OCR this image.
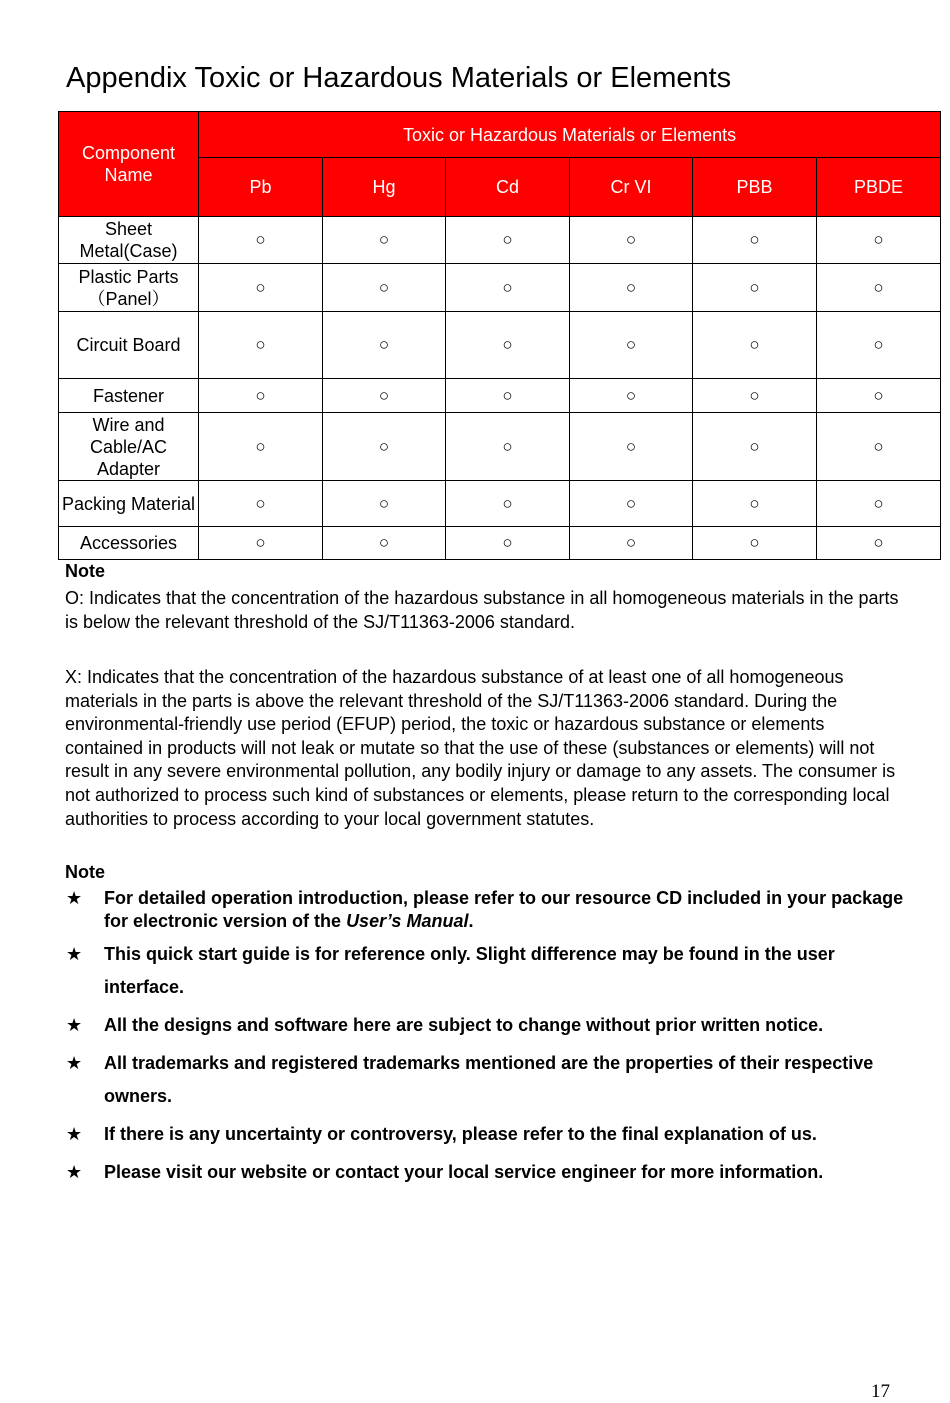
Appendix Toxic or Hazardous Materials or Elements
Component Name	Toxic or Hazardous Materials or Elements					
	Pb	Hg	Cd	Cr VI	PBB	PBDE
Sheet Metal(Case)	○	○	○	○	○	○
Plastic Parts（Panel）	○	○	○	○	○	○
Circuit Board	○	○	○	○	○	○
Fastener	○	○	○	○	○	○
Wire and Cable/AC Adapter	○	○	○	○	○	○
Packing Material	○	○	○	○	○	○
Accessories	○	○	○	○	○	○

Note

O: Indicates that the concentration of the hazardous substance in all homogeneous materials in the parts is below the relevant threshold of the SJ/T11363-2006 standard.

X: Indicates that the concentration of the hazardous substance of at least one of all homogeneous materials in the parts is above the relevant threshold of the SJ/T11363-2006 standard. During the environmental-friendly use period (EFUP) period, the toxic or hazardous substance or elements contained in products will not leak or mutate so that the use of these (substances or elements) will not result in any severe environmental pollution, any bodily injury or damage to any assets. The consumer is not authorized to process such kind of substances or elements, please return to the corresponding local authorities to process according to your local government statutes.

Note

★ For detailed operation introduction, please refer to our resource CD included in your package for electronic version of the User’s Manual.
★ This quick start guide is for reference only. Slight difference may be found in the user interface.
★ All the designs and software here are subject to change without prior written notice.
★ All trademarks and registered trademarks mentioned are the properties of their respective owners.
★ If there is any uncertainty or controversy, please refer to the final explanation of us.
★ Please visit our website or contact your local service engineer for more information.
17
